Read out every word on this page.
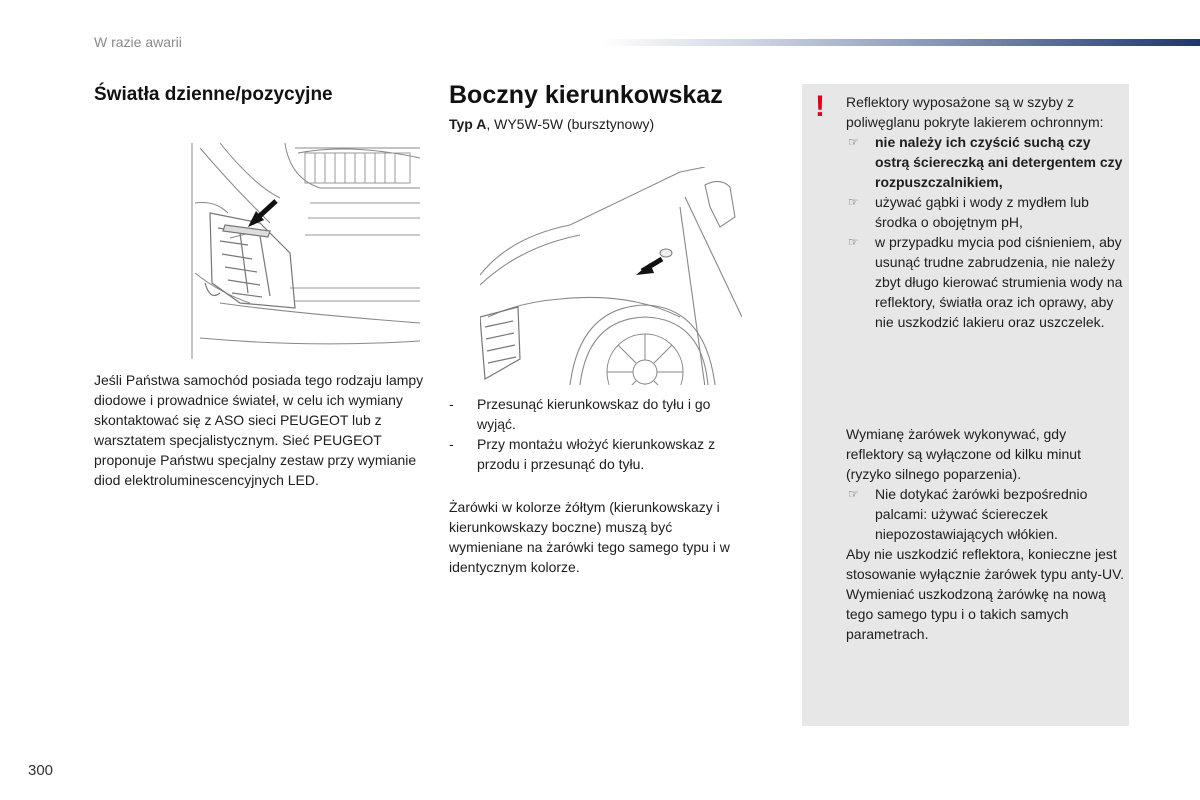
W razie awarii
Światła dzienne/pozycyjne
Jeśli Państwa samochód posiada tego rodzaju lampy diodowe i prowadnice świateł, w celu ich wymiany skontaktować się z ASO sieci PEUGEOT lub z warsztatem specjalistycznym. Sieć PEUGEOT proponuje Państwu specjalny zestaw przy wymianie diod elektroluminescencyjnych LED.
Boczny kierunkowskaz
Typ A, WY5W-5W (bursztynowy)
- Przesunąć kierunkowskaz do tyłu i go wyjąć.
- Przy montażu włożyć kierunkowskaz z przodu i przesunąć do tyłu.
Żarówki w kolorze żółtym (kierunkowskazy i kierunkowskazy boczne) muszą być wymieniane na żarówki tego samego typu i w identycznym kolorze.
! Reflektory wyposażone są w szyby z poliwęglanu pokryte lakierem ochronnym:
☞ nie należy ich czyścić suchą czy ostrą ściereczką ani detergentem czy rozpuszczalnikiem,
☞ używać gąbki i wody z mydłem lub środka o obojętnym pH,
☞ w przypadku mycia pod ciśnieniem, aby usunąć trudne zabrudzenia, nie należy zbyt długo kierować strumienia wody na reflektory, światła oraz ich oprawy, aby nie uszkodzić lakieru oraz uszczelek.
Wymianę żarówek wykonywać, gdy reflektory są wyłączone od kilku minut (ryzyko silnego poparzenia).
☞ Nie dotykać żarówki bezpośrednio palcami: używać ściereczek niepozostawiających włókien.
Aby nie uszkodzić reflektora, konieczne jest stosowanie wyłącznie żarówek typu anty-UV.
Wymieniać uszkodzoną żarówkę na nową tego samego typu i o takich samych parametrach.
300
